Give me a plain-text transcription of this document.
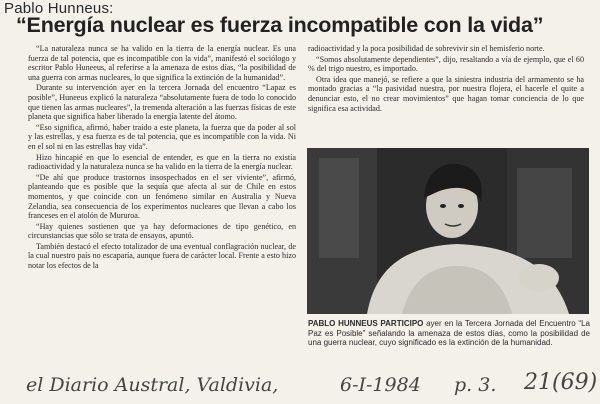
Pablo Hunneus:
“Energía nuclear es fuerza incompatible con la vida”

“La naturaleza nunca se ha valido en la tierra de la energía nuclear. Es una fuerza de tal potencia, que es incompatible con la vida”, manifestó el sociólogo y escritor Pablo Huneeus, al referirse a la amenaza de estos días, “la posibilidad de una guerra con armas nucleares, lo que significa la extinción de la humanidad”.

Durante su intervención ayer en la tercera Jornada del encuentro “Lapaz es posible”, Huneeus explicó la naturaleza “absolutamente fuera de todo lo conocido que tienen las armas nucleares”, la tremenda alteración a las fuerzas físicas de este planeta que significa haber liberado la energía latente del átomo.

“Eso significa, afirmó, haber traído a este planeta, la fuerza que da poder al sol y las estrellas, y esa fuerza es de tal potencia, que es incompatible con la vida. Ni en el sol ni en las estrellas hay vida”.

Hizo hincapié en que lo esencial de entender, es que en la tierra no existía radioactividad y la naturaleza nunca se ha valido en la tierra de la energía nuclear.

“De ahí que produce trastornos insospechados en el ser viviente”, afirmó, planteando que es posible que la sequía que afecta al sur de Chile en estos momentos, y que coincide con un fenómeno similar en Australia y Nueva Zelandia, sea consecuencia de los experimentos nucleares que llevan a cabo los franceses en el atolón de Mururoa.

“Hay quienes sostienen que ya hay deformaciones de tipo genético, en circunstancias que sólo se trata de ensayos, apuntó.

También destacó el efecto totalizador de una eventual conflagración nuclear, de la cual nuestro país no escaparía, aunque fuera de carácter local. Frente a esto hizo notar los efectos de la

radioactividad y la poca posibilidad de sobrevivir sin el hemisferio norte.

“Somos absolutamente dependientes”, dijo, resaltando a vía de ejemplo, que el 60 % del trigo nuestro, es importado.

Otra idea que manejó, se refiere a que la siniestra industria del armamento se ha montado gracias a “la pasividad nuestra, por nuestra flojera, el hacerle el quite a denunciar esto, el no crear movimientos” que hagan tomar conciencia de lo que significa esa actividad.

PABLO HUNNEUS PARTICIPO ayer en la Tercera Jornada del Encuentro “La Paz es Posible” señalando la amenaza de estos días, como la posibilidad de una guerra nuclear, cuyo significado es la extinción de la humanidad.
el Diario Austral, Valdivia,	6-I-1984 p. 3. 21(69)
